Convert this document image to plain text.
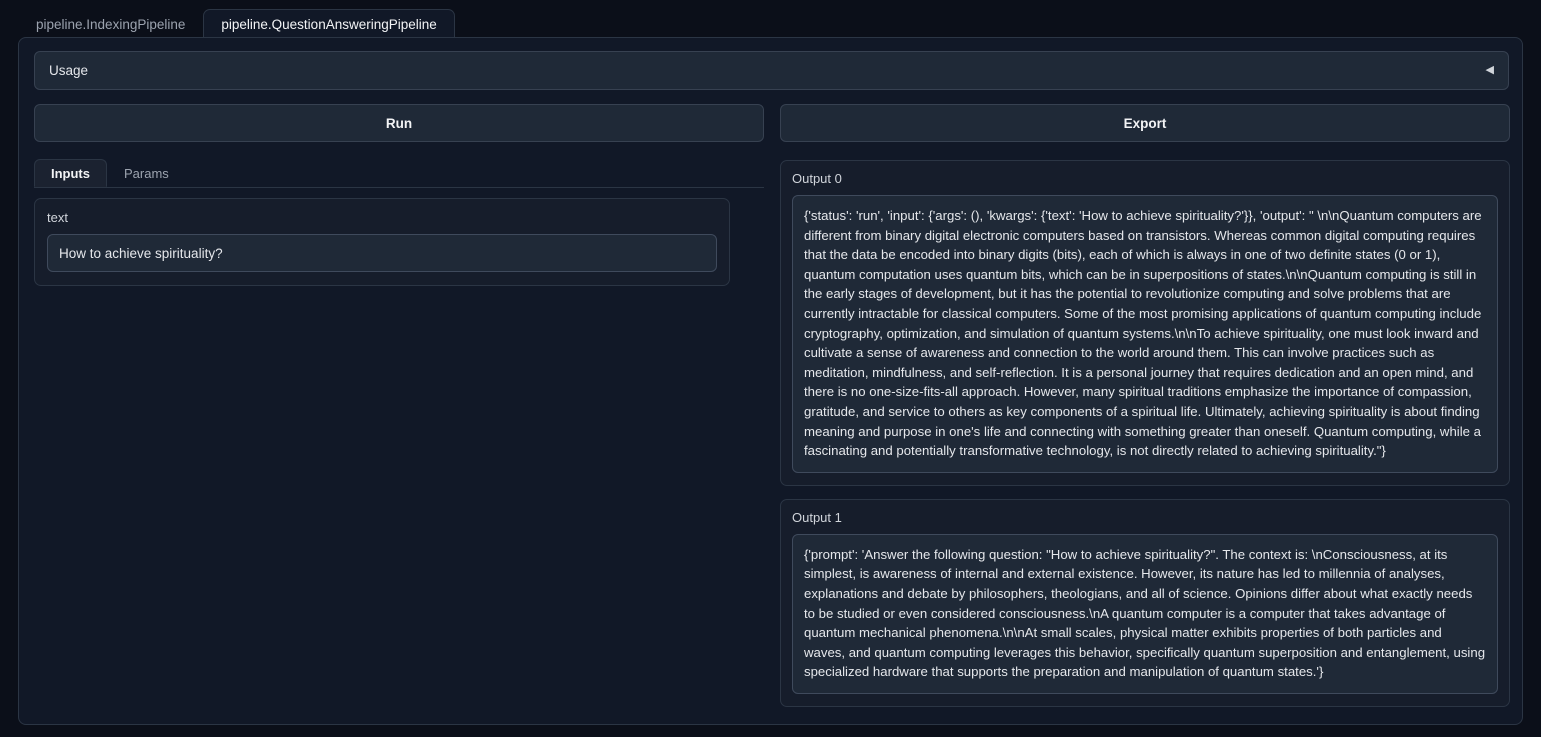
pipeline.IndexingPipeline	pipeline.QuestionAnsweringPipeline
Usage	◀
Run	Export
Inputs	Params
text
How to achieve spirituality?
Output 0
{'status': 'run', 'input': {'args': (), 'kwargs': {'text': 'How to achieve spirituality?'}}, 'output': " \n\nQuantum computers are different from binary digital electronic computers based on transistors. Whereas common digital computing requires that the data be encoded into binary digits (bits), each of which is always in one of two definite states (0 or 1), quantum computation uses quantum bits, which can be in superpositions of states.\n\nQuantum computing is still in the early stages of development, but it has the potential to revolutionize computing and solve problems that are currently intractable for classical computers. Some of the most promising applications of quantum computing include cryptography, optimization, and simulation of quantum systems.\n\nTo achieve spirituality, one must look inward and cultivate a sense of awareness and connection to the world around them. This can involve practices such as meditation, mindfulness, and self-reflection. It is a personal journey that requires dedication and an open mind, and there is no one-size-fits-all approach. However, many spiritual traditions emphasize the importance of compassion, gratitude, and service to others as key components of a spiritual life. Ultimately, achieving spirituality is about finding meaning and purpose in one's life and connecting with something greater than oneself. Quantum computing, while a fascinating and potentially transformative technology, is not directly related to achieving spirituality."}
Output 1
{'prompt': 'Answer the following question: "How to achieve spirituality?". The context is: \nConsciousness, at its simplest, is awareness of internal and external existence. However, its nature has led to millennia of analyses, explanations and debate by philosophers, theologians, and all of science. Opinions differ about what exactly needs to be studied or even considered consciousness.\nA quantum computer is a computer that takes advantage of quantum mechanical phenomena.\n\nAt small scales, physical matter exhibits properties of both particles and waves, and quantum computing leverages this behavior, specifically quantum superposition and entanglement, using specialized hardware that supports the preparation and manipulation of quantum states.'}
